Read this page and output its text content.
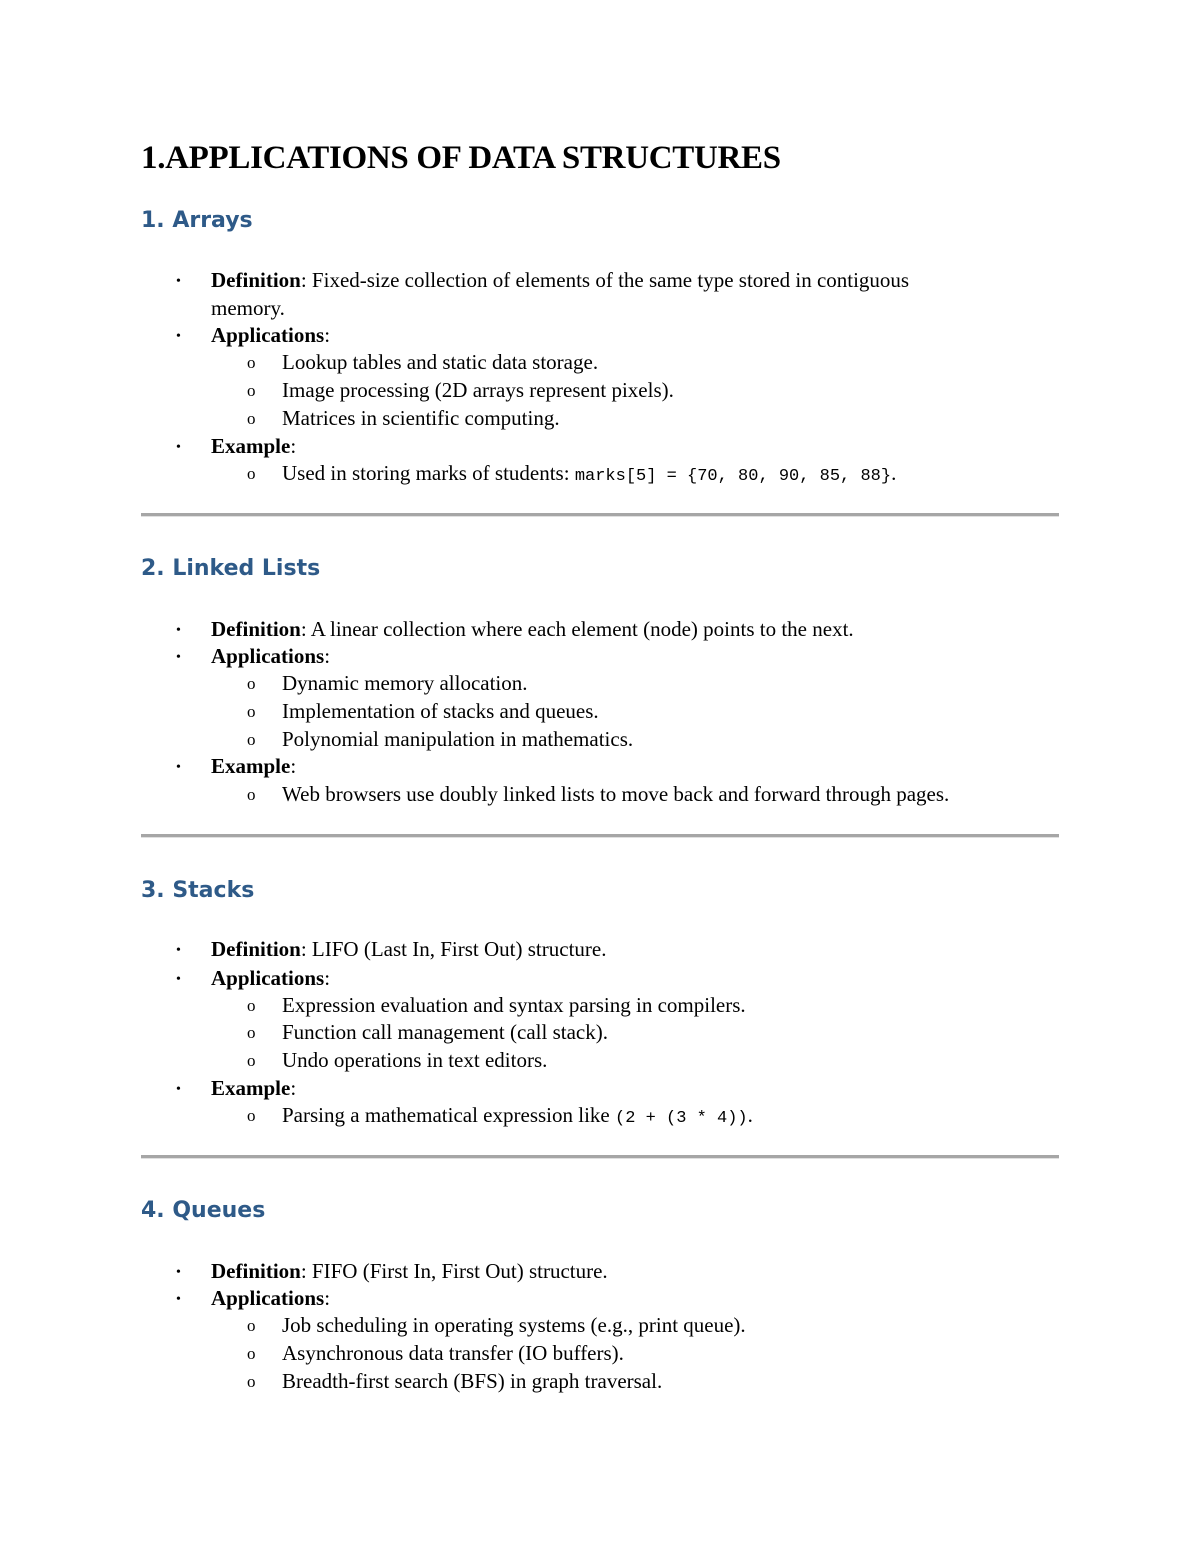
1.APPLICATIONS OF DATA STRUCTURES
1. Arrays
• Definition: Fixed-size collection of elements of the same type stored in contiguous
memory.
• Applications:
o Lookup tables and static data storage.
o Image processing (2D arrays represent pixels).
o Matrices in scientific computing.
• Example:
o Used in storing marks of students: marks[5] = {70, 80, 90, 85, 88}.
2. Linked Lists
• Definition: A linear collection where each element (node) points to the next.
• Applications:
o Dynamic memory allocation.
o Implementation of stacks and queues.
o Polynomial manipulation in mathematics.
• Example:
o Web browsers use doubly linked lists to move back and forward through pages.
3. Stacks
• Definition: LIFO (Last In, First Out) structure.
• Applications:
o Expression evaluation and syntax parsing in compilers.
o Function call management (call stack).
o Undo operations in text editors.
• Example:
o Parsing a mathematical expression like (2 + (3 * 4)).
4. Queues
• Definition: FIFO (First In, First Out) structure.
• Applications:
o Job scheduling in operating systems (e.g., print queue).
o Asynchronous data transfer (IO buffers).
o Breadth-first search (BFS) in graph traversal.
